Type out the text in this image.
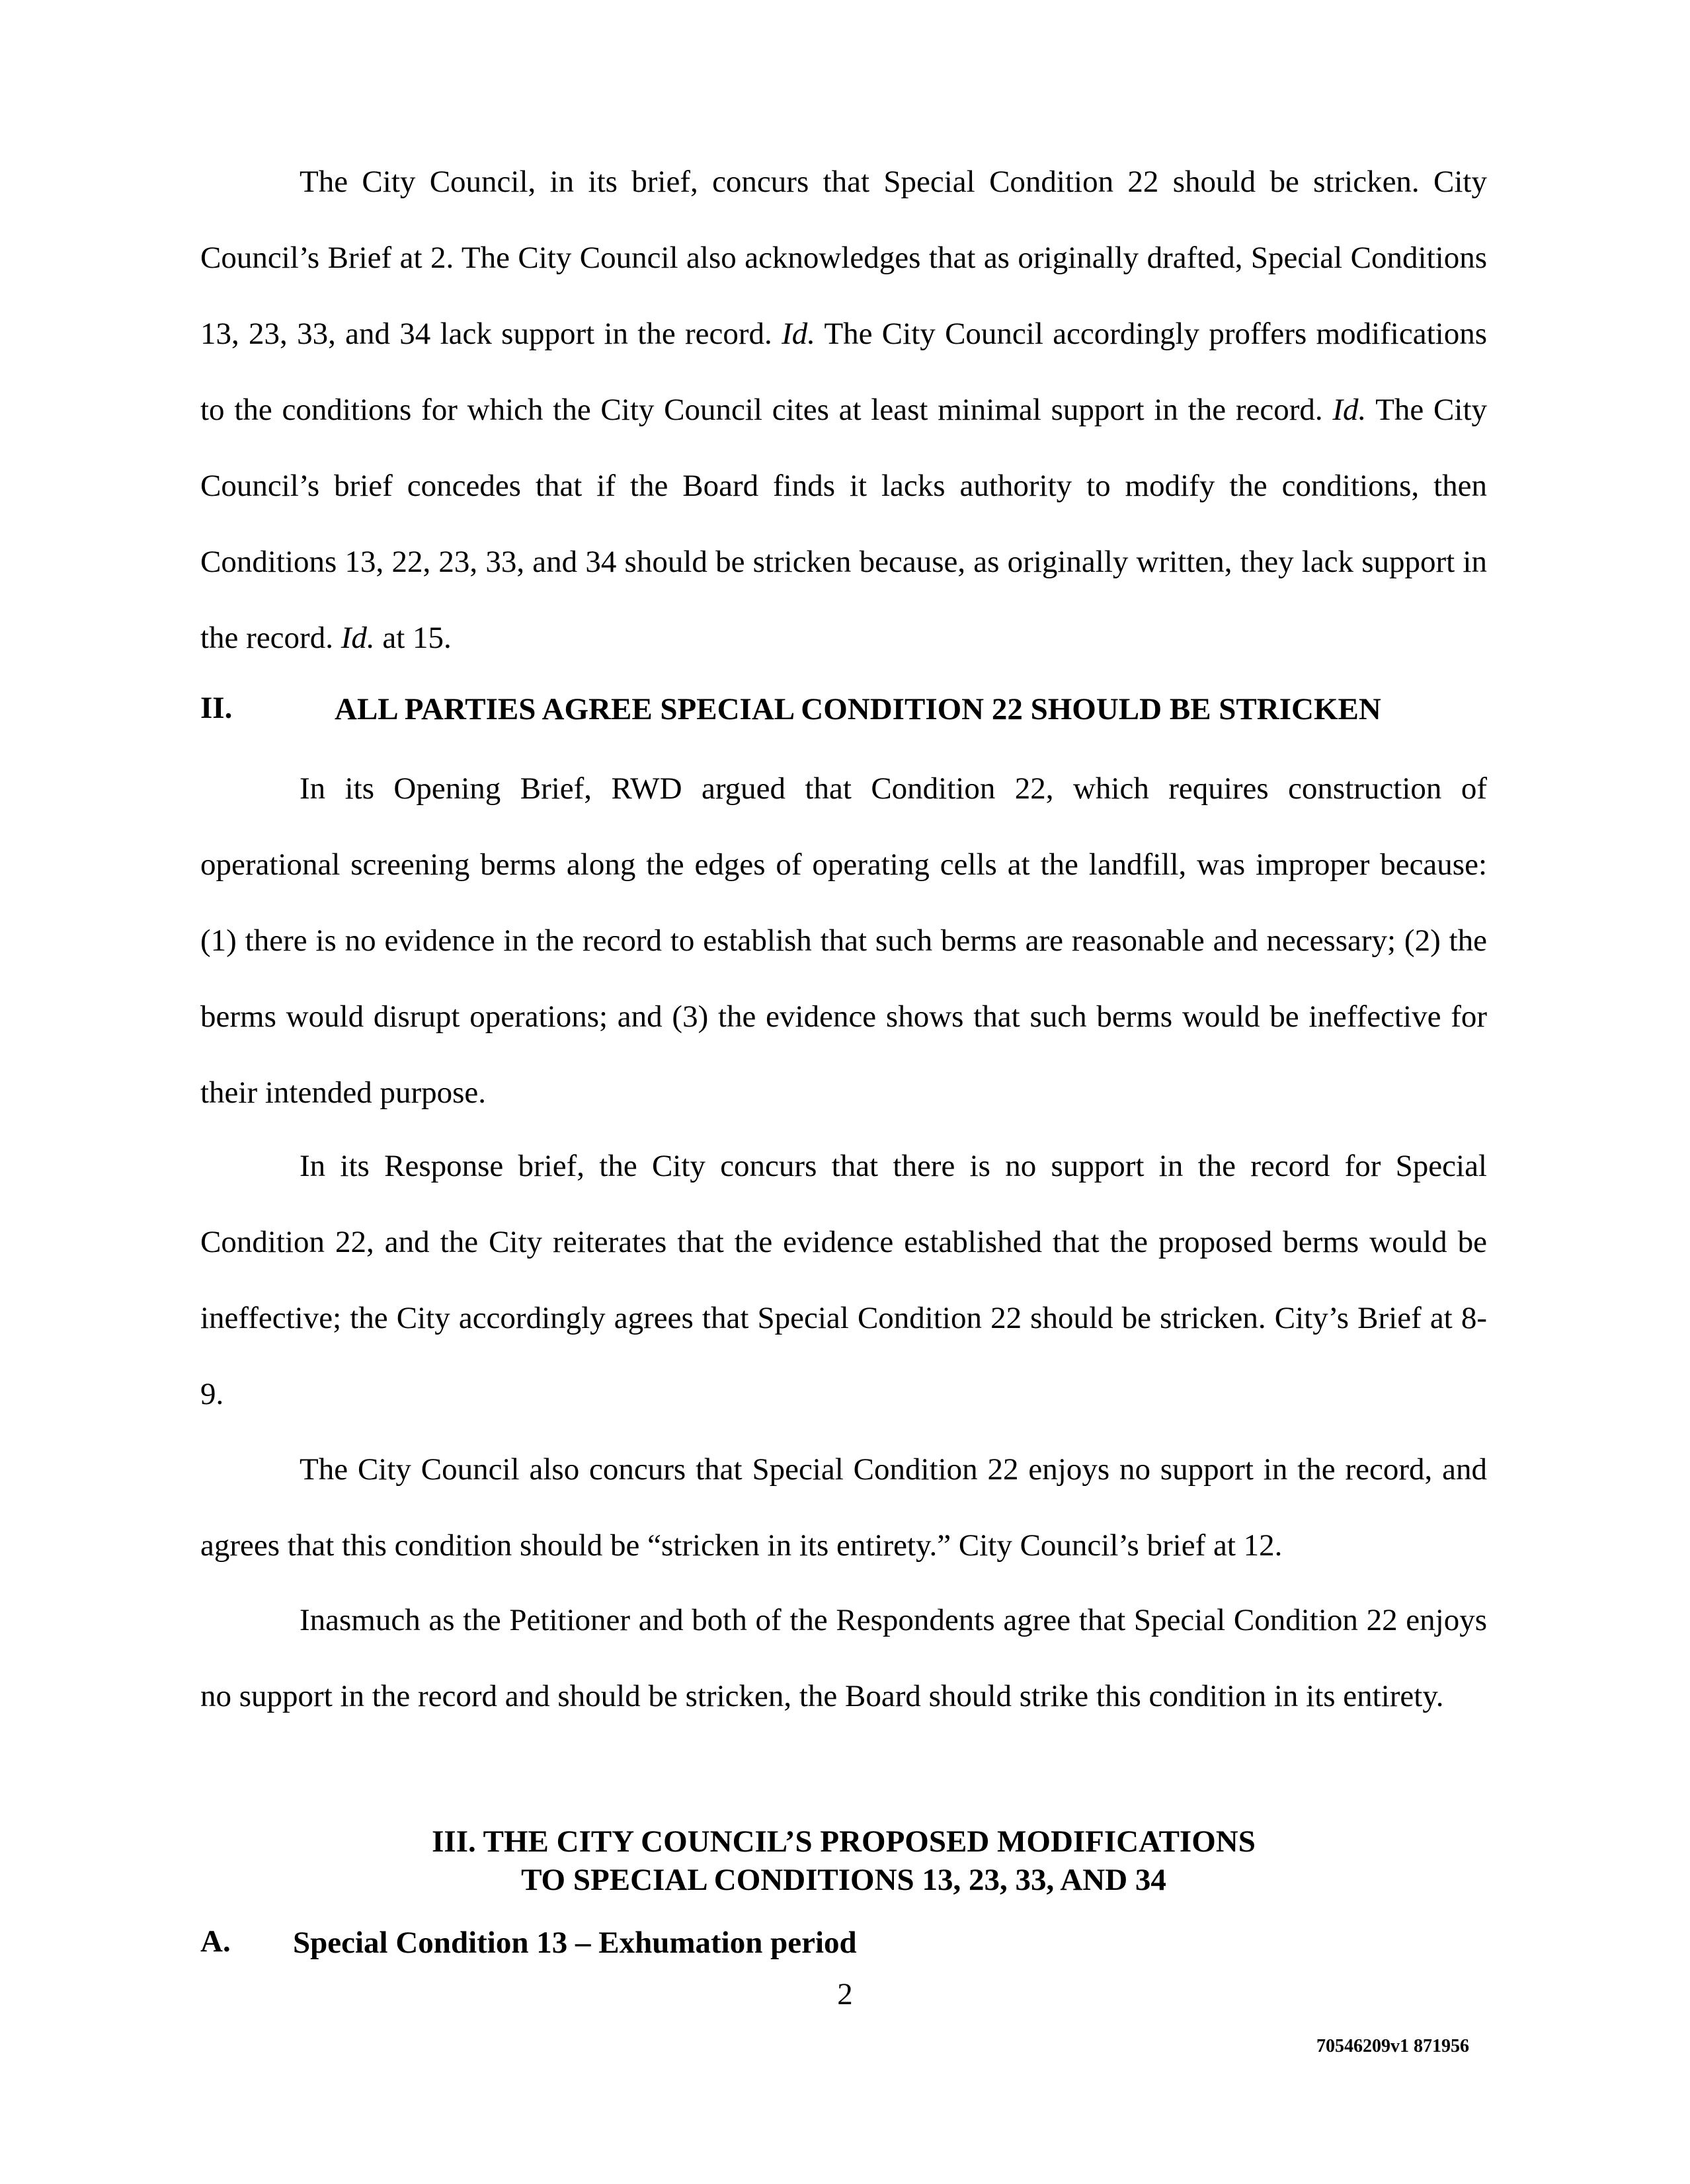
The City Council, in its brief, concurs that Special Condition 22 should be stricken. City Council’s Brief at 2. The City Council also acknowledges that as originally drafted, Special Conditions 13, 23, 33, and 34 lack support in the record. Id. The City Council accordingly proffers modifications to the conditions for which the City Council cites at least minimal support in the record. Id. The City Council’s brief concedes that if the Board finds it lacks authority to modify the conditions, then Conditions 13, 22, 23, 33, and 34 should be stricken because, as originally written, they lack support in the record. Id. at 15.

II.	ALL PARTIES AGREE SPECIAL CONDITION 22 SHOULD BE STRICKEN

In its Opening Brief, RWD argued that Condition 22, which requires construction of operational screening berms along the edges of operating cells at the landfill, was improper because: (1) there is no evidence in the record to establish that such berms are reasonable and necessary; (2) the berms would disrupt operations; and (3) the evidence shows that such berms would be ineffective for their intended purpose.

In its Response brief, the City concurs that there is no support in the record for Special Condition 22, and the City reiterates that the evidence established that the proposed berms would be ineffective; the City accordingly agrees that Special Condition 22 should be stricken. City’s Brief at 8-9.

The City Council also concurs that Special Condition 22 enjoys no support in the record, and agrees that this condition should be “stricken in its entirety.” City Council’s brief at 12.

Inasmuch as the Petitioner and both of the Respondents agree that Special Condition 22 enjoys no support in the record and should be stricken, the Board should strike this condition in its entirety.

III. THE CITY COUNCIL’S PROPOSED MODIFICATIONS

TO SPECIAL CONDITIONS 13, 23, 33, AND 34

A. Special Condition 13 – Exhumation period

2

70546209v1 871956
